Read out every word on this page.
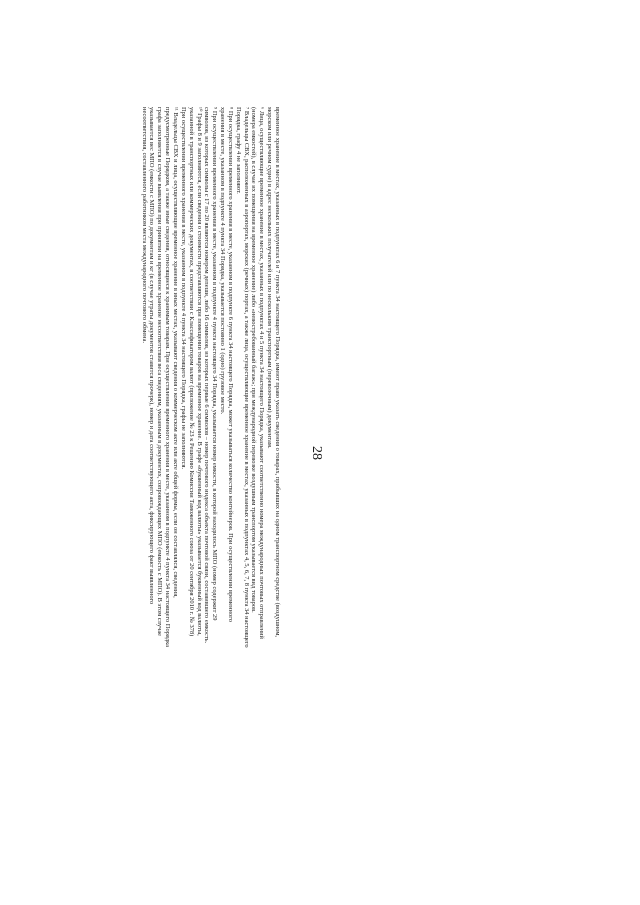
28

временное хранение в местах, указанных в подпунктах 6 и 7 пункта 34 настоящего Порядка, имеют право указать сведения о товарах, прибывших на одном транспортном средстве (воздушном,

морском или речном судне) в адрес нескольких получателей или по нескольким транспортным (перевозочным) документам.

⁶ Лица, осуществляющие временное хранение в местах, указанных в подпунктах 4 и 5 пункта 34 настоящего Порядка, указывают соответственно номера международных почтовых отправлений

(номера емкостей), в случае их помещения на временное хранение) либо «невостребованный багаж»; при международной перевозке воздушным транспортом указывается вид товаров.

⁷ Владельцы СВХ, расположенных в аэропортах, морских (речных) портах, а также лица, осуществляющие временное хранение в местах, указанных в подпунктах 4, 5, 6, 7, 8 пункта 34 настоящего

Порядка, графу 4 не заполняют.

⁸ При осуществлении временного хранения в месте, указанном в подпункте 6 пункта 34 настоящего Порядка, может указываться количество контейнеров. При осуществлении временного

хранения в месте, указанном в подпункте 4 пункта 34 Порядка, указывается постоянно 1 (одно) грузовое место.

⁹ При осуществлении временного хранения в месте, указанном в подпункте 4 пункта настоящего 34 Порядка, указывается номер емкости, в которой находилось МПО (номер содержит 29

символов, из которых символы с 17 по 20 являются номером депеши, либо 16 символов, из которых первые 6 символов – номер почтового индекса объекта почтовой связи, составившего емкость.

¹⁰ Графы 8 и 9 заполняются, если сведения о стоимости представляются при помещении товаров на временное хранение. В графе «буквенный код валюты» указывается буквенный код валюты,

указанной в транспортных или коммерческих документах, в соответствии с Классификатором валют (приложение № 23 к Решению Комиссии Таможенного союза от 20 сентября 2010 г. № 378)

При осуществлении временного хранения в месте, указанном в подпункте 4 пункта 34 настоящего Порядка, графы не заполняются.

¹¹ Владельцы СВХ и лица, осуществляющие временное хранение в иных местах, указывают сведения о коммерческом акте или акте общей формы, если он составлялся, сведения,

предусмотренные Порядком, а также иные сведения, относящиеся к хранимым товарам. При осуществлении временного хранения в месте, указанном в подпункте 4 пункта 34 настоящего Порядка

графа заполняется в случае выявления при принятии на временное хранение несоответствия веса сведениям, указанным в документах, сопровождающих МПО (емкость с МПО). В этом случае

указывается вес МПО (емкости с МПО) по документам и кг (в случае утраты документов ставится прочерк), номер и дата соответствующего акта, фиксирующего факт выявленного

несоответствия, составленного работником места международного почтового обмена.
